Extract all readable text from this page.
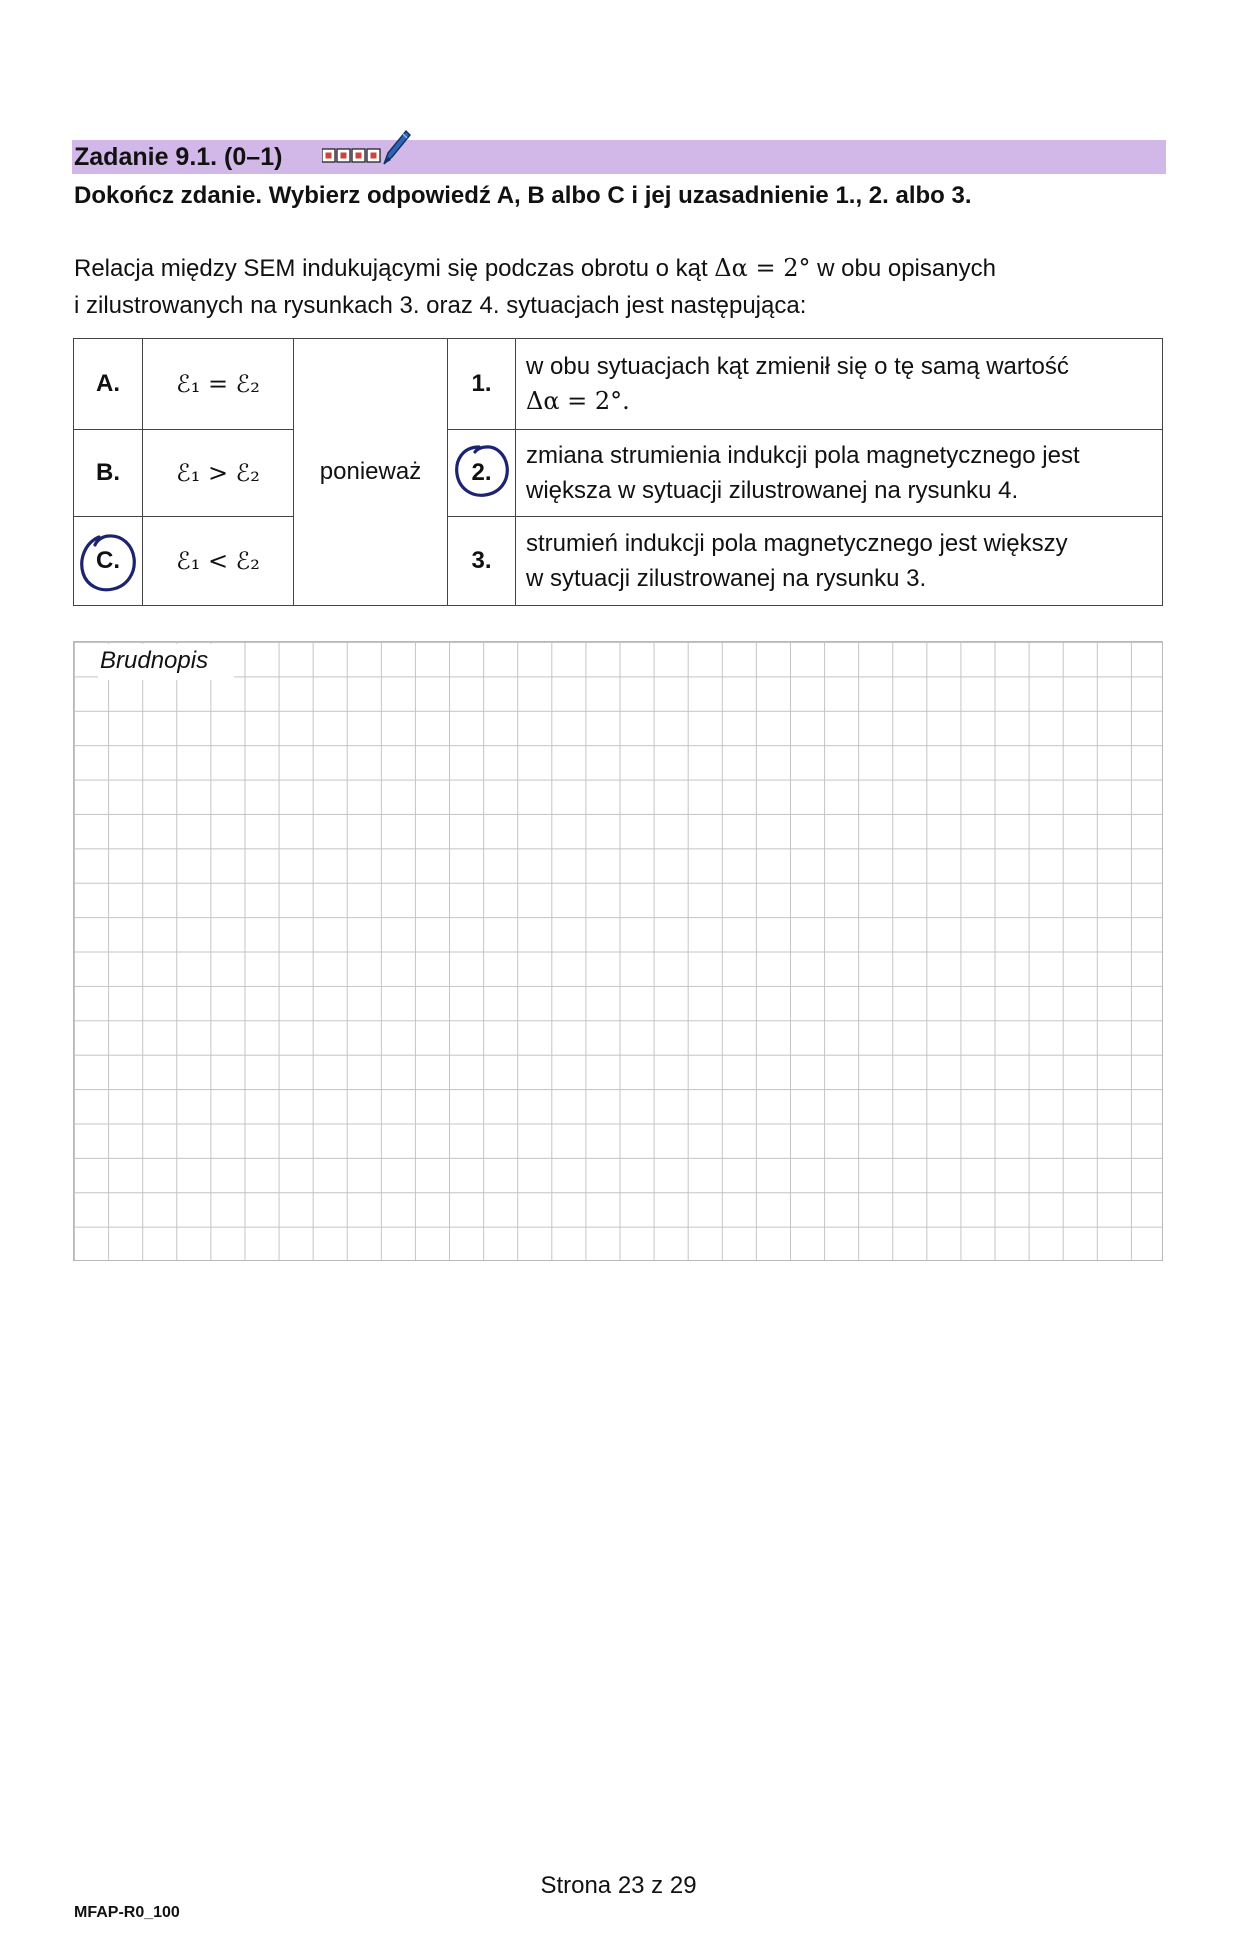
Zadanie 9.1. (0–1)
Dokończ zdanie. Wybierz odpowiedź A, B albo C i jej uzasadnienie 1., 2. albo 3.
Relacja między SEM indukującymi się podczas obrotu o kąt Δα = 2° w obu opisanych
i zilustrowanych na rysunkach 3. oraz 4. sytuacjach jest następująca:
A.	ℰ₁ = ℰ₂	ponieważ	1.	w obu sytuacjach kąt zmienił się o tę samą wartość
Δα = 2°.
B.	ℰ₁ > ℰ₂		2.	zmiana strumienia indukcji pola magnetycznego jest
większa w sytuacji zilustrowanej na rysunku 4.
C.	ℰ₁ < ℰ₂		3.	strumień indukcji pola magnetycznego jest większy
w sytuacji zilustrowanej na rysunku 3.
Brudnopis
Strona 23 z 29
MFAP-R0_100
